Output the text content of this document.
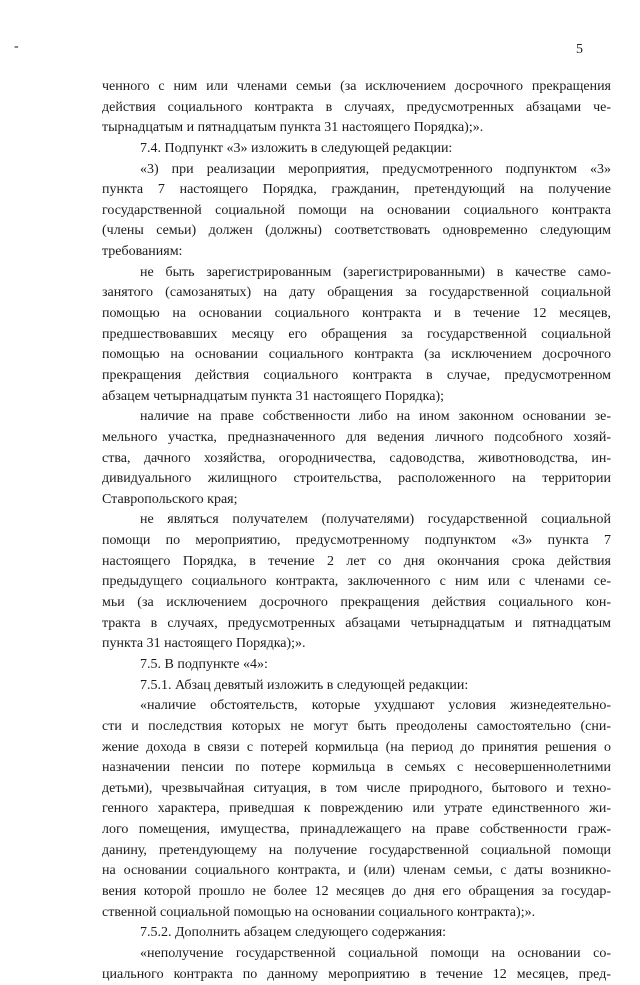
-	5
ченного с ним или членами семьи (за исключением досрочного прекращения
действия социального контракта в случаях, предусмотренных абзацами че-
тырнадцатым и пятнадцатым пункта 31 настоящего Порядка);».
7.4. Подпункт «3» изложить в следующей редакции:
«3) при реализации мероприятия, предусмотренного подпунктом «3»
пункта 7 настоящего Порядка, гражданин, претендующий на получение
государственной социальной помощи на основании социального контракта
(члены семьи) должен (должны) соответствовать одновременно следующим
требованиям:
не быть зарегистрированным (зарегистрированными) в качестве само-
занятого (самозанятых) на дату обращения за государственной социальной
помощью на основании социального контракта и в течение 12 месяцев,
предшествовавших месяцу его обращения за государственной социальной
помощью на основании социального контракта (за исключением досрочного
прекращения действия социального контракта в случае, предусмотренном
абзацем четырнадцатым пункта 31 настоящего Порядка);
наличие на праве собственности либо на ином законном основании зе-
мельного участка, предназначенного для ведения личного подсобного хозяй-
ства, дачного хозяйства, огородничества, садоводства, животноводства, ин-
дивидуального жилищного строительства, расположенного на территории
Ставропольского края;
не являться получателем (получателями) государственной социальной
помощи по мероприятию, предусмотренному подпунктом «3» пункта 7
настоящего Порядка, в течение 2 лет со дня окончания срока действия
предыдущего социального контракта, заключенного с ним или с членами се-
мьи (за исключением досрочного прекращения действия социального кон-
тракта в случаях, предусмотренных абзацами четырнадцатым и пятнадцатым
пункта 31 настоящего Порядка);».
7.5. В подпункте «4»:
7.5.1. Абзац девятый изложить в следующей редакции:
«наличие обстоятельств, которые ухудшают условия жизнедеятельно-
сти и последствия которых не могут быть преодолены самостоятельно (сни-
жение дохода в связи с потерей кормильца (на период до принятия решения о
назначении пенсии по потере кормильца в семьях с несовершеннолетними
детьми), чрезвычайная ситуация, в том числе природного, бытового и техно-
генного характера, приведшая к повреждению или утрате единственного жи-
лого помещения, имущества, принадлежащего на праве собственности граж-
данину, претендующему на получение государственной социальной помощи
на основании социального контракта, и (или) членам семьи, с даты возникно-
вения которой прошло не более 12 месяцев до дня его обращения за государ-
ственной социальной помощью на основании социального контракта);».
7.5.2. Дополнить абзацем следующего содержания:
«неполучение государственной социальной помощи на основании со-
циального контракта по данному мероприятию в течение 12 месяцев, пред-
